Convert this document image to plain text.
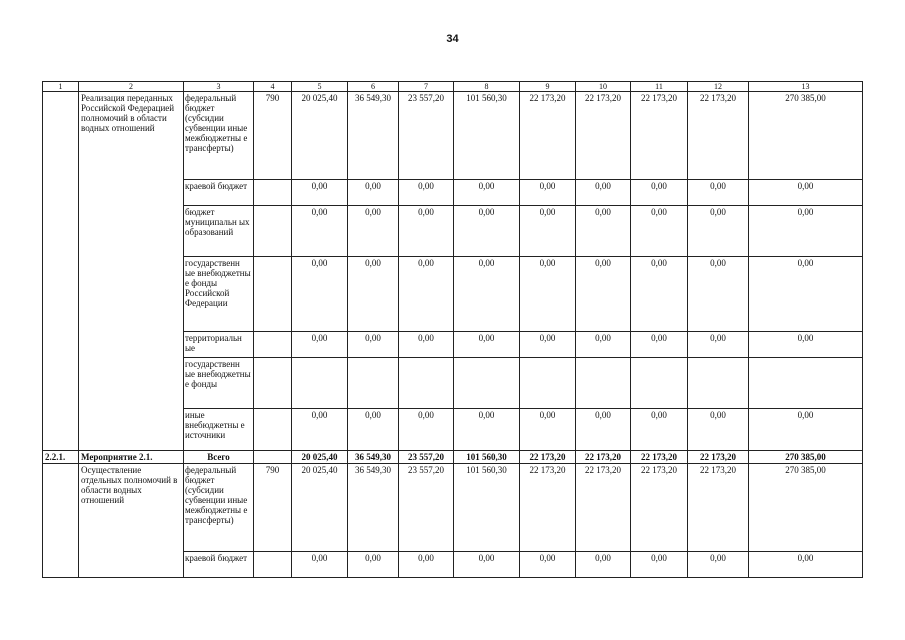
34
1	2	3	4	5	6	7	8	9	10	11	12	13
	Реализация переданных Российской Федерацией полномочий в области водных отношений	федеральный бюджет (субсидии субвенции иные межбюджетны е трансферты)	790	20 025,40	36 549,30	23 557,20	101 560,30	22 173,20	22 173,20	22 173,20	22 173,20	270 385,00
		краевой бюджет		0,00	0,00	0,00	0,00	0,00	0,00	0,00	0,00	0,00
		бюджет муниципальн ых образований		0,00	0,00	0,00	0,00	0,00	0,00	0,00	0,00	0,00
		государственн ые внебюджетны е фонды Российской Федерации		0,00	0,00	0,00	0,00	0,00	0,00	0,00	0,00	0,00
		территориальн ые		0,00	0,00	0,00	0,00	0,00	0,00	0,00	0,00	0,00
		государственн ые внебюджетны е фонды										
		иные внебюджетны е источники		0,00	0,00	0,00	0,00	0,00	0,00	0,00	0,00	0,00
2.2.1.	Мероприятие 2.1.	Всего		20 025,40	36 549,30	23 557,20	101 560,30	22 173,20	22 173,20	22 173,20	22 173,20	270 385,00
	Осуществление отдельных полномочий в области водных отношений	федеральный бюджет (субсидии субвенции иные межбюджетны е трансферты)	790	20 025,40	36 549,30	23 557,20	101 560,30	22 173,20	22 173,20	22 173,20	22 173,20	270 385,00
		краевой бюджет		0,00	0,00	0,00	0,00	0,00	0,00	0,00	0,00	0,00
